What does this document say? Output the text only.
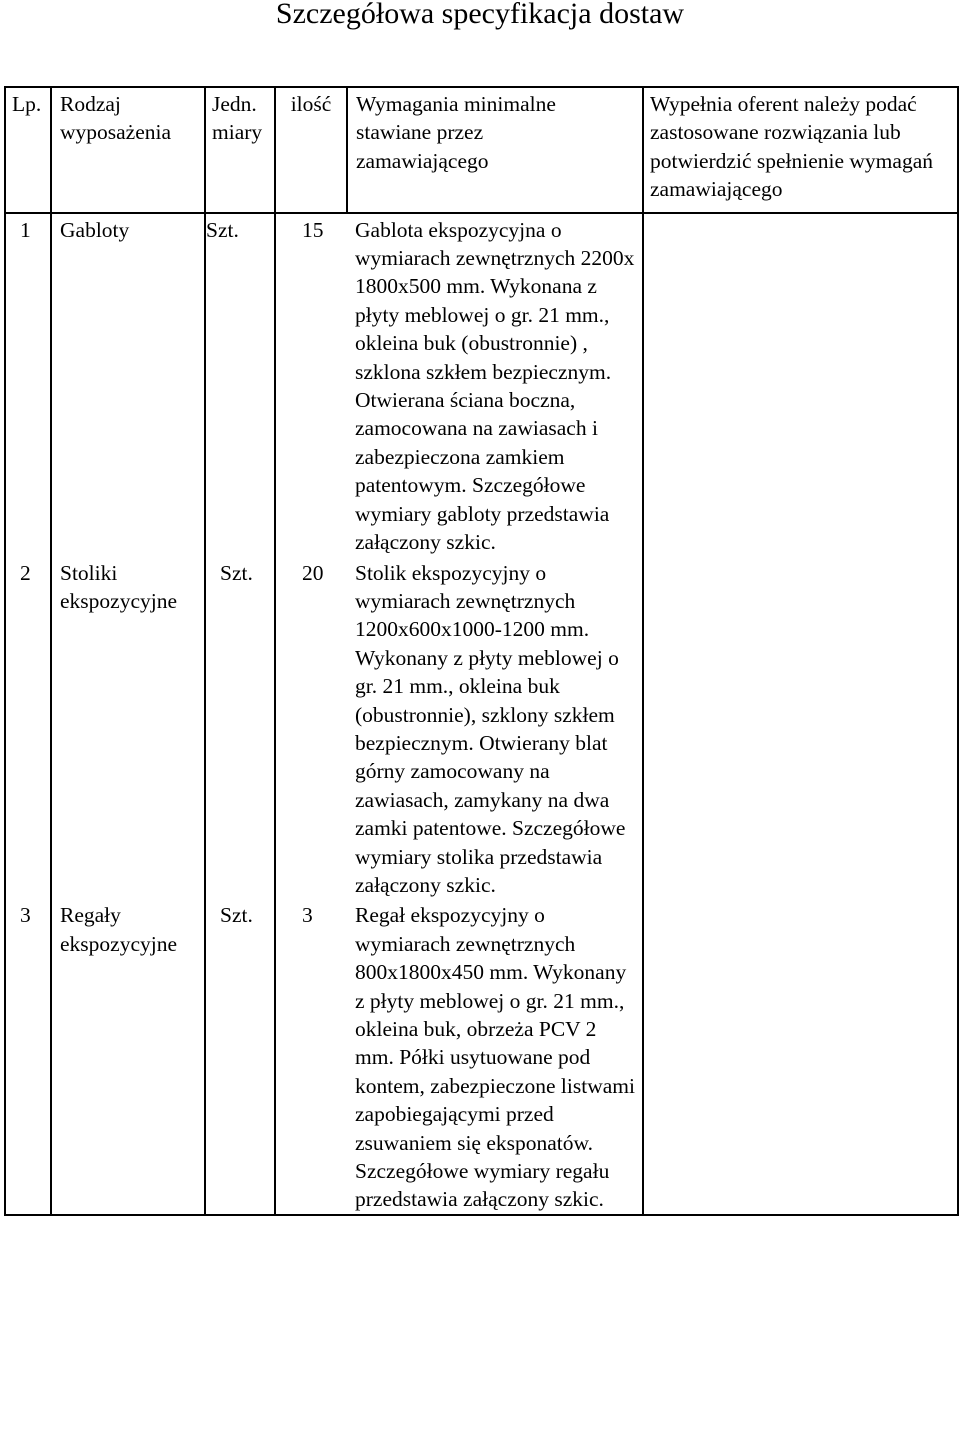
Szczegółowa specyfikacja dostaw
Lp.	Rodzaj wyposażenia	Jedn. miary	ilość	Wymagania minimalne stawiane przez zamawiającego	Wypełnia oferent należy podać zastosowane rozwiązania lub potwierdzić spełnienie wymagań zamawiającego

1	Gabloty	Szt.	15	Gablota ekspozycyjna o wymiarach zewnętrznych 2200x 1800x500 mm. Wykonana z płyty meblowej o gr. 21 mm., okleina buk (obustronnie) , szklona szkłem bezpiecznym. Otwierana ściana boczna, zamocowana na zawiasach i zabezpieczona zamkiem patentowym. Szczegółowe wymiary gabloty przedstawia załączony szkic.	

2	Stoliki ekspozycyjne	Szt.	20	Stolik ekspozycyjny o wymiarach zewnętrznych 1200x600x1000-1200 mm. Wykonany z płyty meblowej o gr. 21 mm., okleina buk (obustronnie), szklony szkłem bezpiecznym. Otwierany blat górny zamocowany na zawiasach, zamykany na dwa zamki patentowe. Szczegółowe wymiary stolika przedstawia załączony szkic.	

3	Regały ekspozycyjne	Szt.	3	Regał ekspozycyjny o wymiarach zewnętrznych 800x1800x450 mm. Wykonany z płyty meblowej o gr. 21 mm., okleina buk, obrzeża PCV 2 mm. Półki usytuowane pod kontem, zabezpieczone listwami zapobiegającymi przed zsuwaniem się eksponatów. Szczegółowe wymiary regału przedstawia załączony szkic.	
